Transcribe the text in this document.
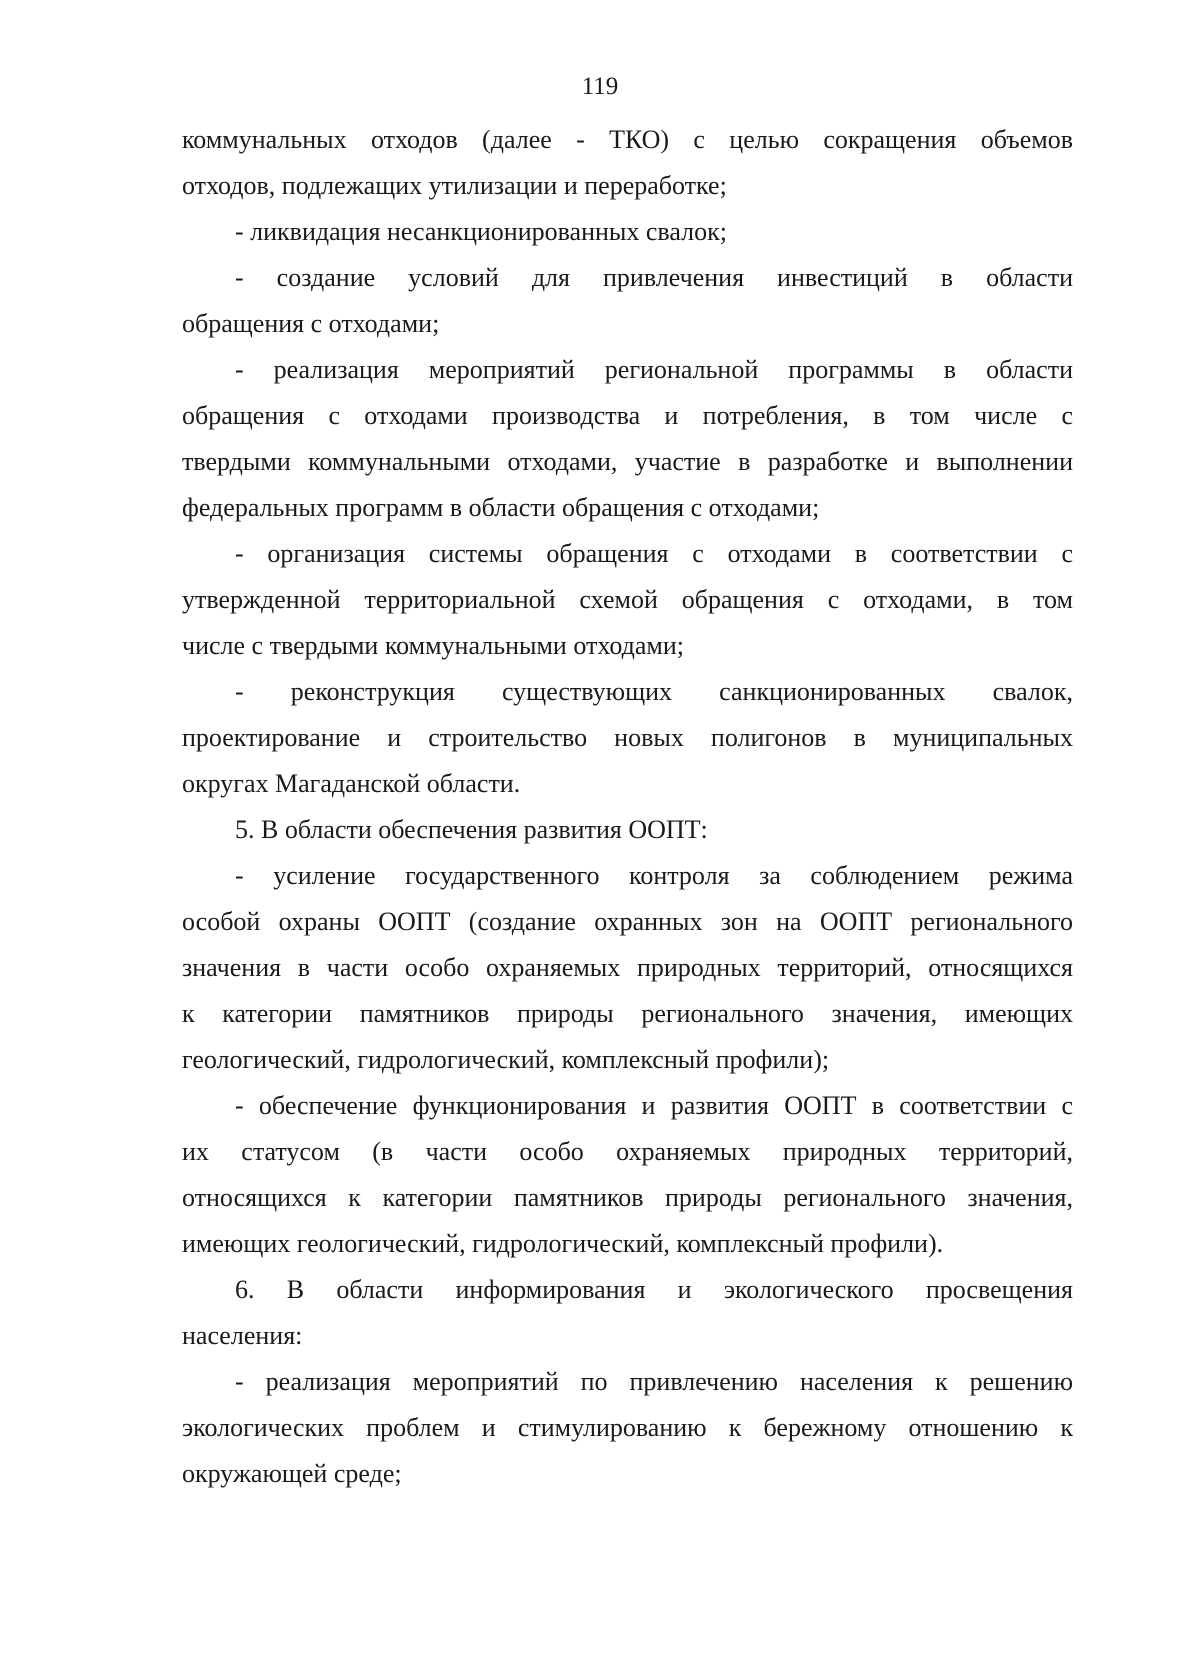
119
коммунальных отходов (далее - ТКО) с целью сокращения объемов
отходов, подлежащих утилизации и переработке;
- ликвидация несанкционированных свалок;
- создание условий для привлечения инвестиций в области
обращения с отходами;
- реализация мероприятий региональной программы в области
обращения с отходами производства и потребления, в том числе с
твердыми коммунальными отходами, участие в разработке и выполнении
федеральных программ в области обращения с отходами;
- организация системы обращения с отходами в соответствии с
утвержденной территориальной схемой обращения с отходами, в том
числе с твердыми коммунальными отходами;
- реконструкция существующих санкционированных свалок,
проектирование и строительство новых полигонов в муниципальных
округах Магаданской области.
5. В области обеспечения развития ООПТ:
- усиление государственного контроля за соблюдением режима
особой охраны ООПТ (создание охранных зон на ООПТ регионального
значения в части особо охраняемых природных территорий, относящихся
к категории памятников природы регионального значения, имеющих
геологический, гидрологический, комплексный профили);
- обеспечение функционирования и развития ООПТ в соответствии с
их статусом (в части особо охраняемых природных территорий,
относящихся к категории памятников природы регионального значения,
имеющих геологический, гидрологический, комплексный профили).
6. В области информирования и экологического просвещения
населения:
- реализация мероприятий по привлечению населения к решению
экологических проблем и стимулированию к бережному отношению к
окружающей среде;
